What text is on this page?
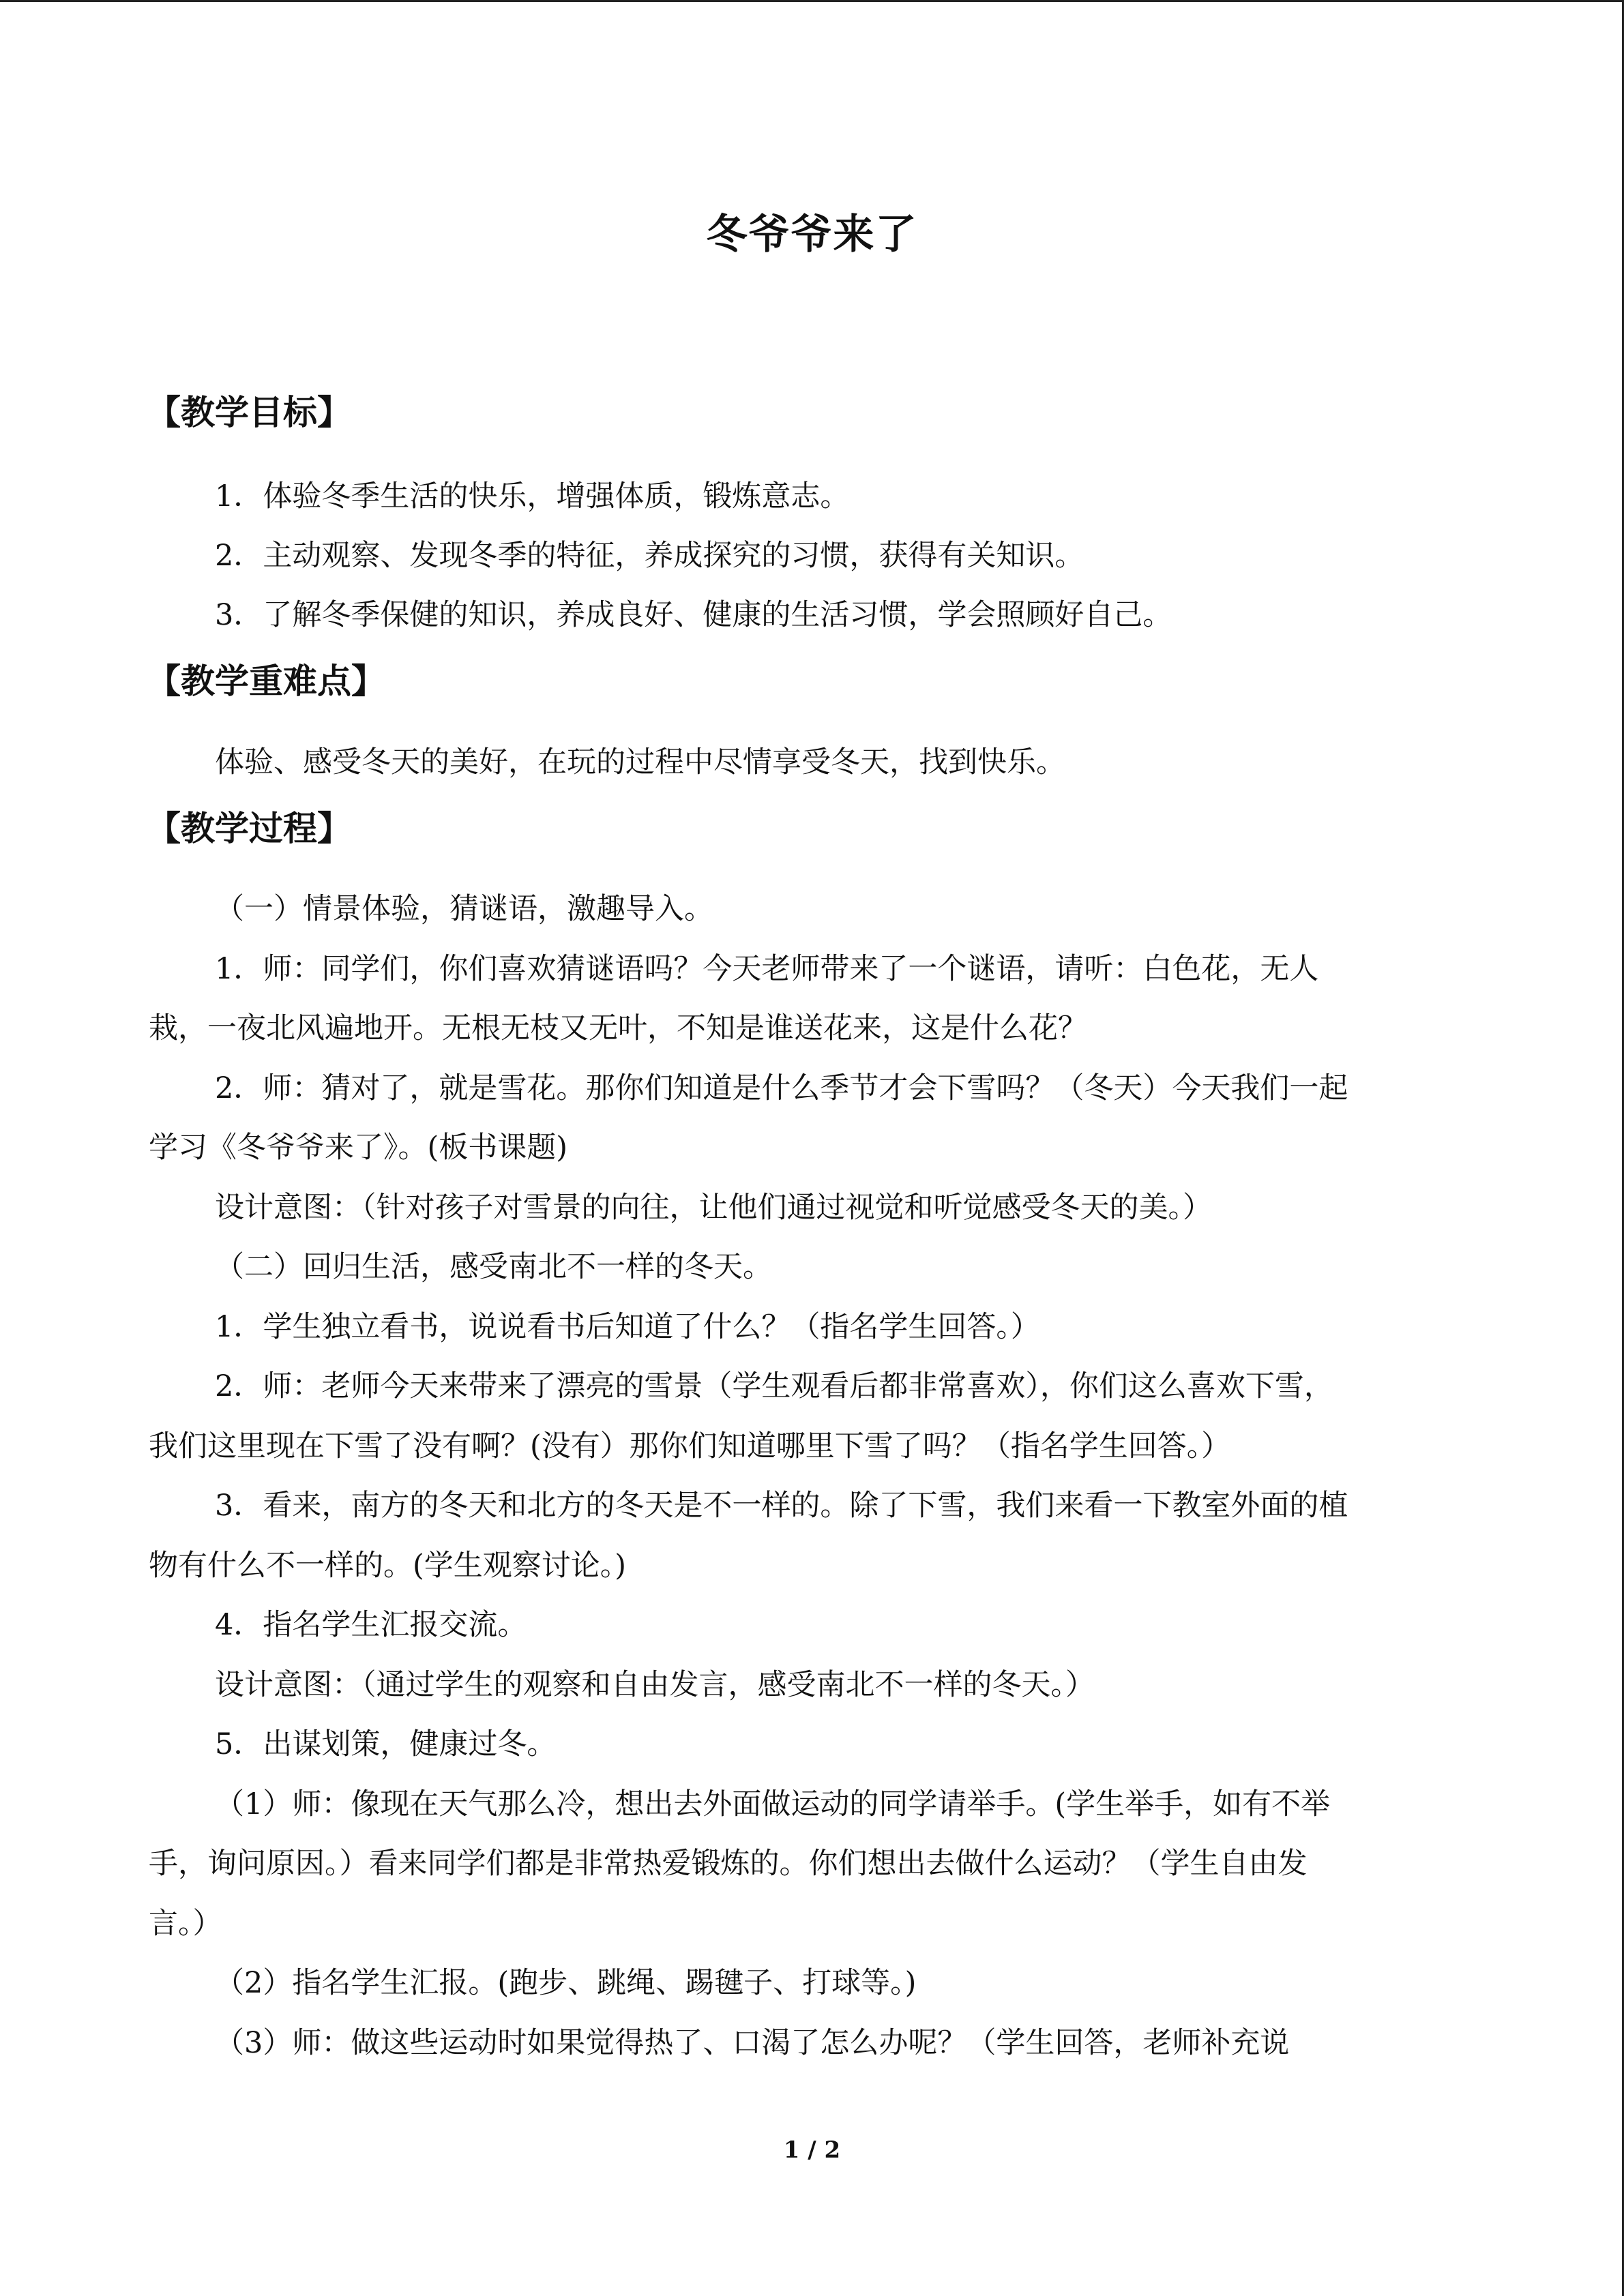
冬爷爷来了
【教学目标】
1．体验冬季生活的快乐，增强体质，锻炼意志。
2．主动观察、发现冬季的特征，养成探究的习惯，获得有关知识。
3．了解冬季保健的知识，养成良好、健康的生活习惯，学会照顾好自己。
【教学重难点】
体验、感受冬天的美好，在玩的过程中尽情享受冬天，找到快乐。
【教学过程】
（一）情景体验，猜谜语，激趣导入。
1．师：同学们，你们喜欢猜谜语吗？今天老师带来了一个谜语，请听：白色花，无人
栽，一夜北风遍地开。无根无枝又无叶，不知是谁送花来，这是什么花？
2．师：猜对了，就是雪花。那你们知道是什么季节才会下雪吗？（冬天）今天我们一起
学习《冬爷爷来了》。(板书课题)
设计意图：（针对孩子对雪景的向往，让他们通过视觉和听觉感受冬天的美。）
（二）回归生活，感受南北不一样的冬天。
1．学生独立看书，说说看书后知道了什么？（指名学生回答。）
2．师：老师今天来带来了漂亮的雪景（学生观看后都非常喜欢），你们这么喜欢下雪，
我们这里现在下雪了没有啊？(没有）那你们知道哪里下雪了吗？（指名学生回答。）
3．看来，南方的冬天和北方的冬天是不一样的。除了下雪，我们来看一下教室外面的植
物有什么不一样的。(学生观察讨论。)
4．指名学生汇报交流。
设计意图：（通过学生的观察和自由发言，感受南北不一样的冬天。）
5．出谋划策，健康过冬。
（1）师：像现在天气那么冷，想出去外面做运动的同学请举手。(学生举手，如有不举
手，询问原因。）看来同学们都是非常热爱锻炼的。你们想出去做什么运动？（学生自由发
言。）
（2）指名学生汇报。(跑步、跳绳、踢毽子、打球等。)
（3）师：做这些运动时如果觉得热了、口渴了怎么办呢？（学生回答，老师补充说
1 / 2
